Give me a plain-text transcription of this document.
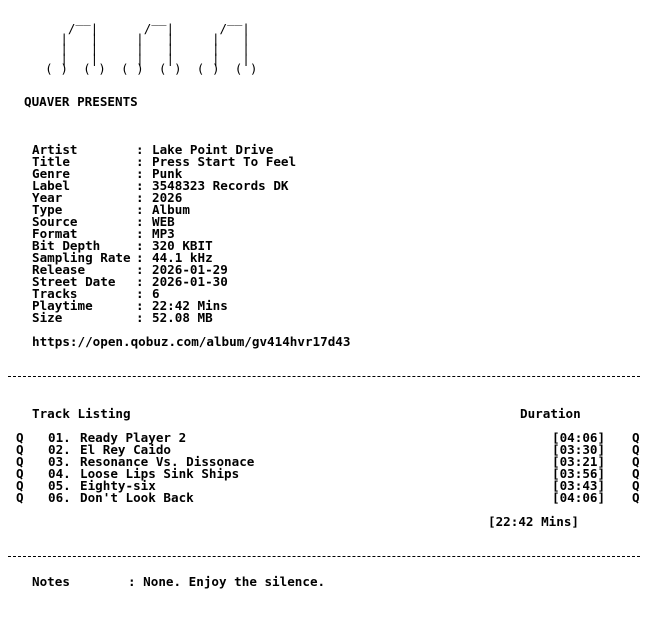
__        __        __
/  |      /  |      /  |
|   |     |   |     |   |
|   |     |   |     |   |
|   |     |   |     |   |
( )  ( )  ( )  ( )  ( )  ( )
QUAVER PRESENTS
Artist	: Lake Point Drive
Title	: Press Start To Feel
Genre	: Punk
Label	: 3548323 Records DK
Year	: 2026
Type	: Album
Source	: WEB
Format	: MP3
Bit Depth	: 320 KBIT
Sampling Rate : 44.1 kHz
Release	: 2026-01-29
Street Date : 2026-01-30
Tracks	: 6
Playtime	: 22:42 Mins
Size	: 52.08 MB
https://open.qobuz.com/album/gv414hvr17d43
Track Listing	Duration
Q 01. Ready Player 2	[04:06] Q
Q 02. El Rey Caido	[03:30] Q
Q 03. Resonance Vs. Dissonace	[03:21] Q
Q 04. Loose Lips Sink Ships	[03:56] Q
Q 05. Eighty-six	[03:43] Q
Q 06. Don't Look Back	[04:06] Q
[22:42 Mins]
Notes	: None. Enjoy the silence.
